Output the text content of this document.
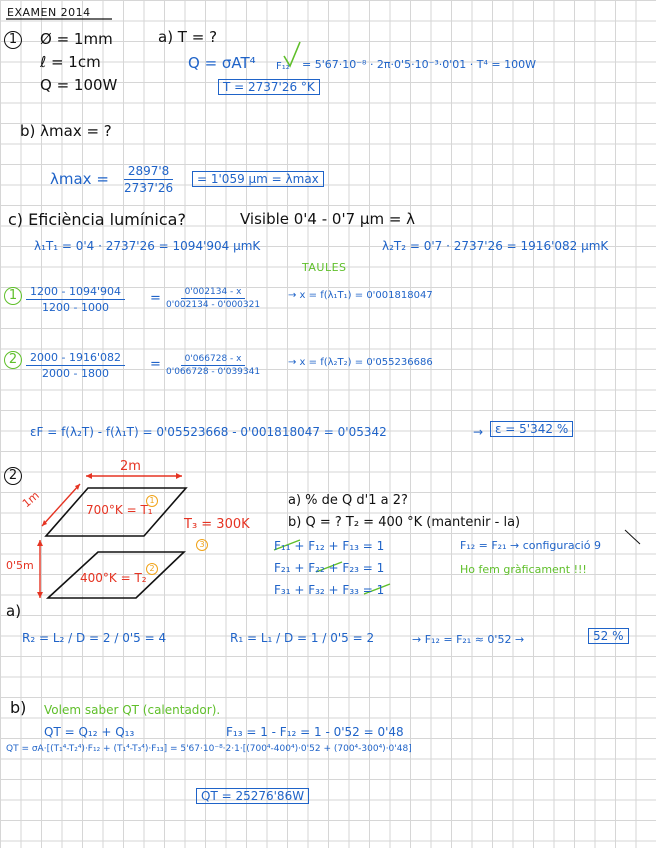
EXAMEN 2014
1	Ø = 1mm
ℓ = 1cm
Q = 100W
a) T = ?
Q = σAT⁴ F₁₂ = 5'67·10⁻⁸ · 2π·0'5·10⁻³·0'01 · T⁴ = 100W
T = 2737'26 °K
b) λmax = ?
$\lambda\max = \frac{2897'8}{2737'26}$	= 1'059 µm = λmax
c) Eficiència lumínica?	Visible 0'4 - 0'7 µm = λ
λ₁T₁ = 0'4 · 2737'26 = 1094'904 µmK	λ₂T₂ = 0'7 · 2737'26 = 1916'082 µmK
TAULES
$1 \frac{1200 - 1094'904}{1200 - 1000} = \frac{0'002134 - x}{0'002134 - 0'000321} \to x = f(\lambda_1T_1) = 0'001818047$
$2 \frac{2000 - 1916'082}{2000 - 1800} = \frac{0'066728 - x}{0'066728 - 0'039341} \to x = f(\lambda_2T_2) = 0'055236686$
εF = f(λ₂T) - f(λ₁T) = 0'05523668 - 0'001818047 = 0'05342	→ ε = 5'342 %
2
2m
1m
0'5m
700°K = T₁
400°K = T₂
1
2
3
T₃ = 300K
a) % de Q d'1 a 2?
b) Q = ? T₂ = 400 °K (mantenir - la)
F₁₁ + F₁₂ + F₁₃ = 1
F₂₁ + F₂₂ + F₂₃ = 1
F₃₁ + F₃₂ + F₃₃ = 1
F₁₂ = F₂₁ → configuració 9
Ho fem gràficament !!!
a)
R₂ = L₂ / D = 2 / 0'5 = 4	R₁ = L₁ / D = 1 / 0'5 = 2	→ F₁₂ = F₂₁ ≈ 0'52 →	52 %
b) Volem saber QT (calentador).
QT = Q₁₂ + Q₁₃	F₁₃ = 1 - F₁₂ = 1 - 0'52 = 0'48
QT = σA·[(T₁⁴-T₂⁴)·F₁₂ + (T₁⁴-T₃⁴)·F₁₃] = 5'67·10⁻⁸·2·1·[(700⁴-400⁴)·0'52 + (700⁴-300⁴)·0'48]
QT = 25276'86W
